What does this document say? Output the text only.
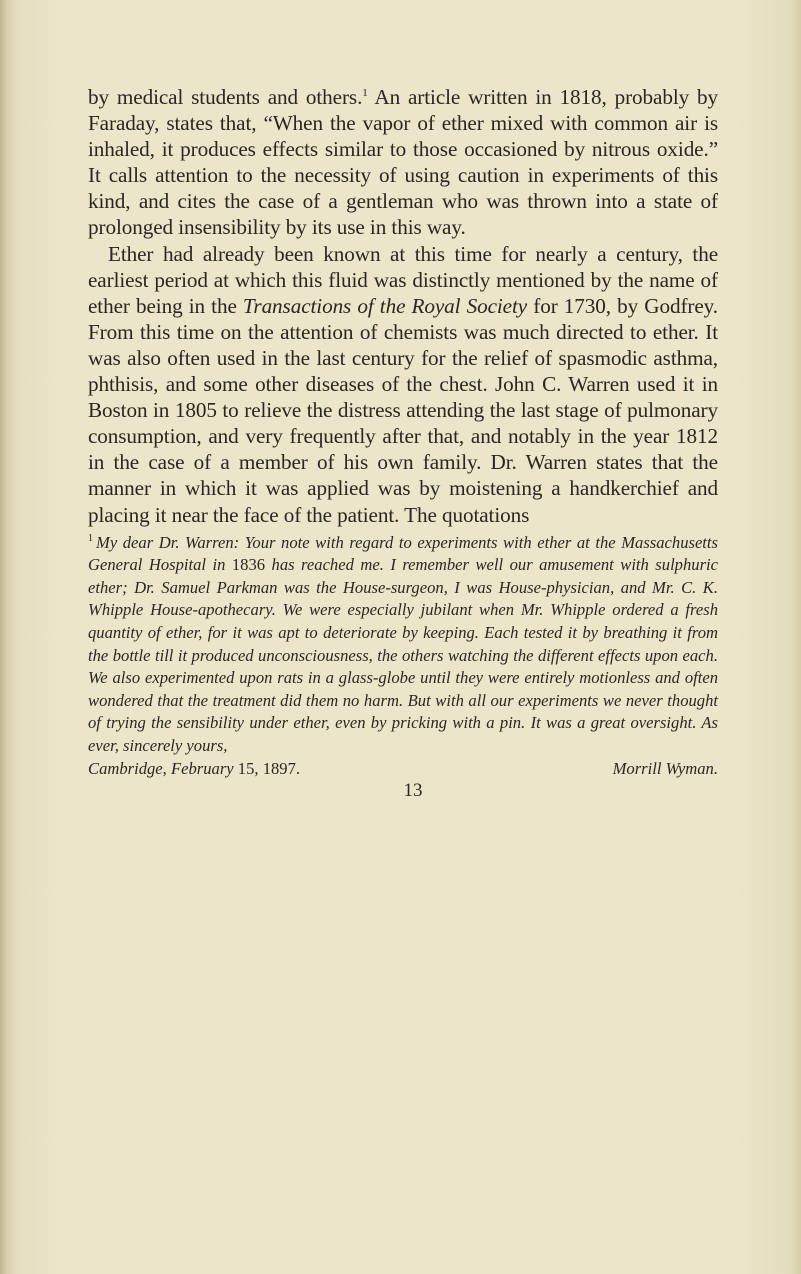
by medical students and others.$^1$ An article written in 1818, probably by Faraday, states that, “When the vapor of ether mixed with common air is inhaled, it produces effects similar to those occasioned by nitrous oxide.” It calls attention to the necessity of using caution in experiments of this kind, and cites the case of a gentleman who was thrown into a state of prolonged insensibility by its use in this way.

Ether had already been known at this time for nearly a century, the earliest period at which this fluid was distinctly mentioned by the name of ether being in the Transactions of the Royal Society for 1730, by Godfrey. From this time on the attention of chemists was much directed to ether. It was also often used in the last century for the relief of spasmodic asthma, phthisis, and some other diseases of the chest. John C. Warren used it in Boston in 1805 to relieve the distress attending the last stage of pulmonary consumption, and very frequently after that, and notably in the year 1812 in the case of a member of his own family. Dr. Warren states that the manner in which it was applied was by moistening a handkerchief and placing it near the face of the patient. The quotations

$^1$ My dear Dr. Warren: Your note with regard to experiments with ether at the Massachusetts General Hospital in 1836 has reached me. I remember well our amusement with sulphuric ether; Dr. Samuel Parkman was the House-surgeon, I was House-physician, and Mr. C. K. Whipple House-apothecary. We were especially jubilant when Mr. Whipple ordered a fresh quantity of ether, for it was apt to deteriorate by keeping. Each tested it by breathing it from the bottle till it produced unconsciousness, the others watching the different effects upon each. We also experimented upon rats in a glass-globe until they were entirely motionless and often wondered that the treatment did them no harm. But with all our experiments we never thought of trying the sensibility under ether, even by pricking with a pin. It was a great oversight. As ever, sincerely yours,
Cambridge, February 15, 1897.	Morrill Wyman.
13
